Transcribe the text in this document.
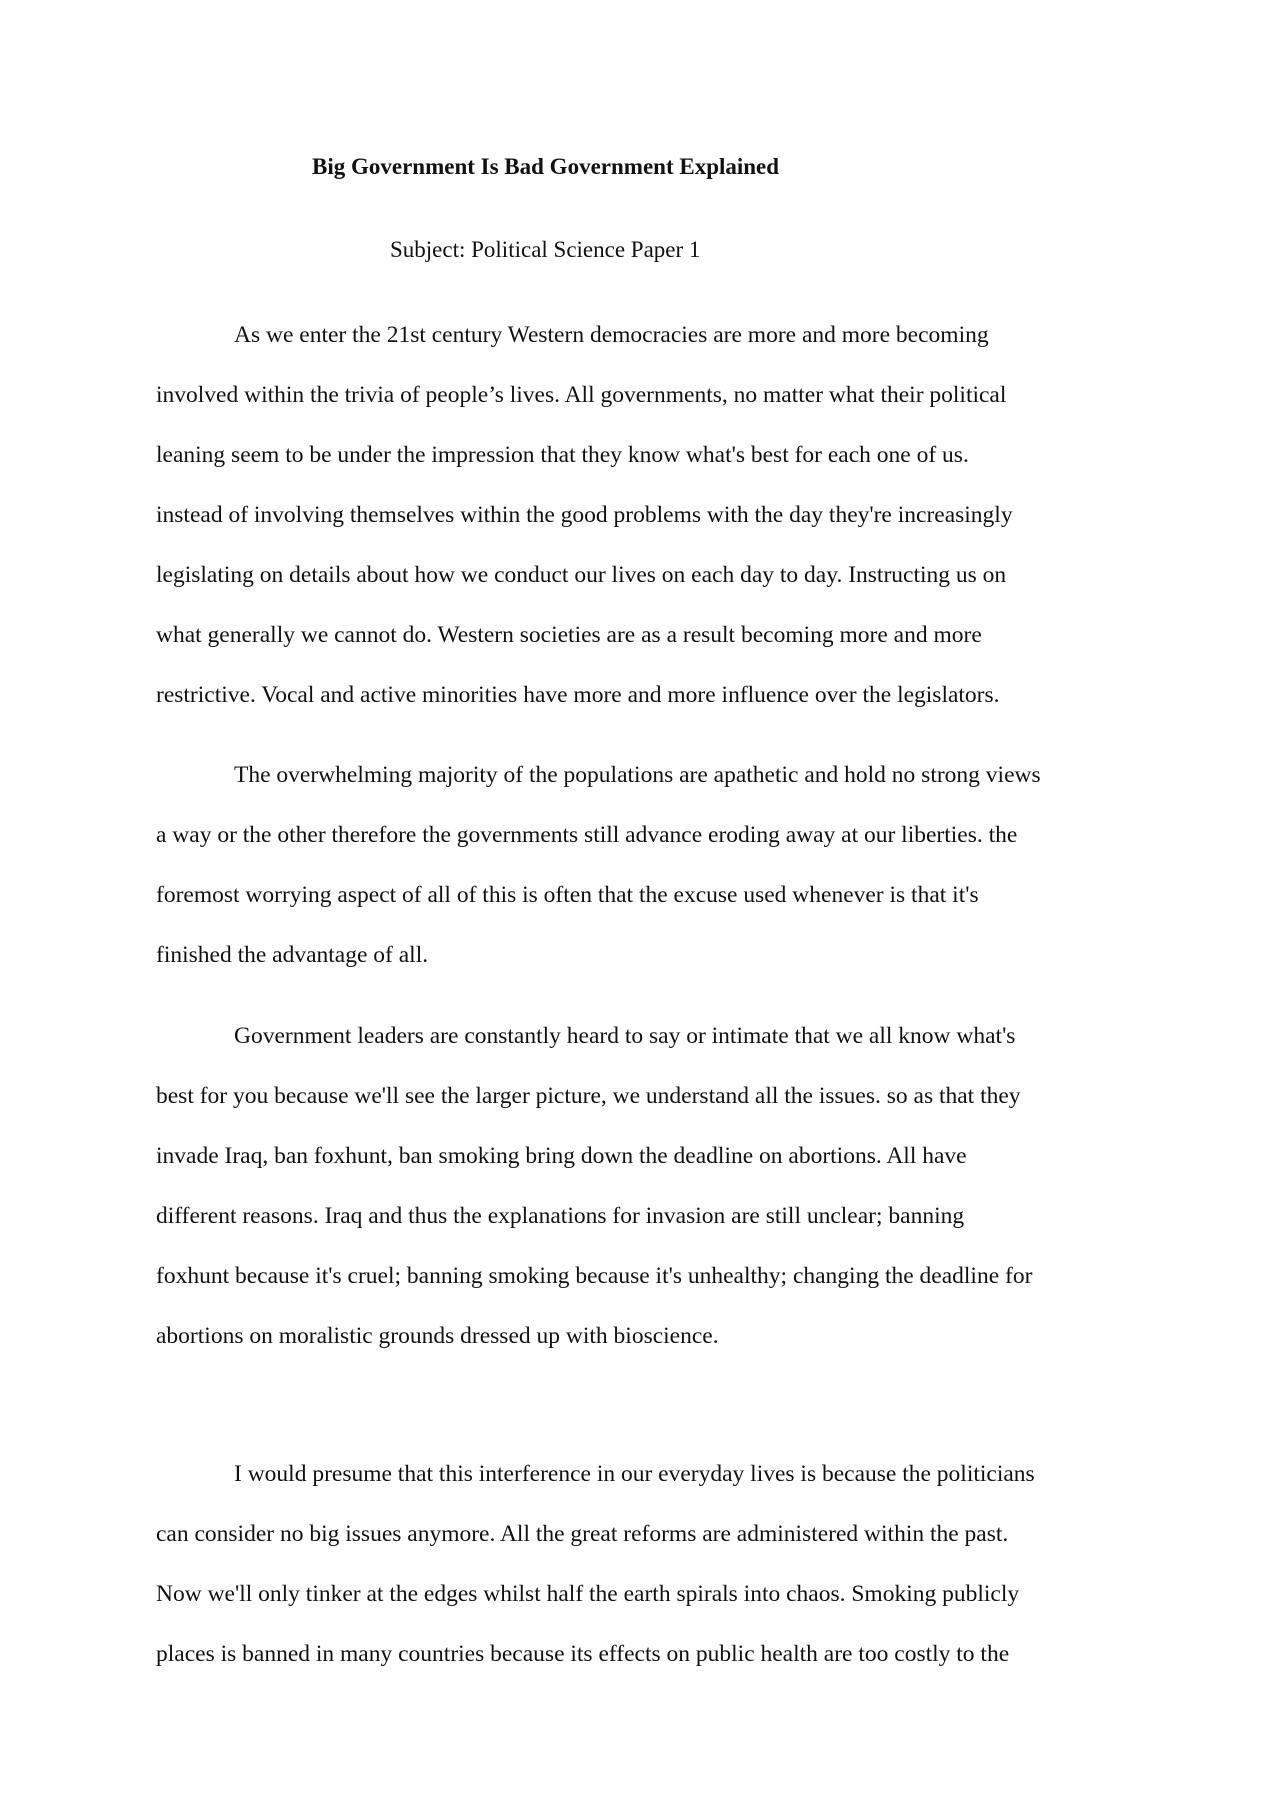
Big Government Is Bad Government Explained

Subject: Political Science Paper 1

As we enter the 21st century Western democracies are more and more becoming
involved within the trivia of people’s lives. All governments, no matter what their political
leaning seem to be under the impression that they know what's best for each one of us.
instead of involving themselves within the good problems with the day they're increasingly
legislating on details about how we conduct our lives on each day to day. Instructing us on
what generally we cannot do. Western societies are as a result becoming more and more
restrictive. Vocal and active minorities have more and more influence over the legislators.
The overwhelming majority of the populations are apathetic and hold no strong views
a way or the other therefore the governments still advance eroding away at our liberties. the
foremost worrying aspect of all of this is often that the excuse used whenever is that it's
finished the advantage of all.
Government leaders are constantly heard to say or intimate that we all know what's
best for you because we'll see the larger picture, we understand all the issues. so as that they
invade Iraq, ban foxhunt, ban smoking bring down the deadline on abortions. All have
different reasons. Iraq and thus the explanations for invasion are still unclear; banning
foxhunt because it's cruel; banning smoking because it's unhealthy; changing the deadline for
abortions on moralistic grounds dressed up with bioscience.
I would presume that this interference in our everyday lives is because the politicians
can consider no big issues anymore. All the great reforms are administered within the past.
Now we'll only tinker at the edges whilst half the earth spirals into chaos. Smoking publicly
places is banned in many countries because its effects on public health are too costly to the
